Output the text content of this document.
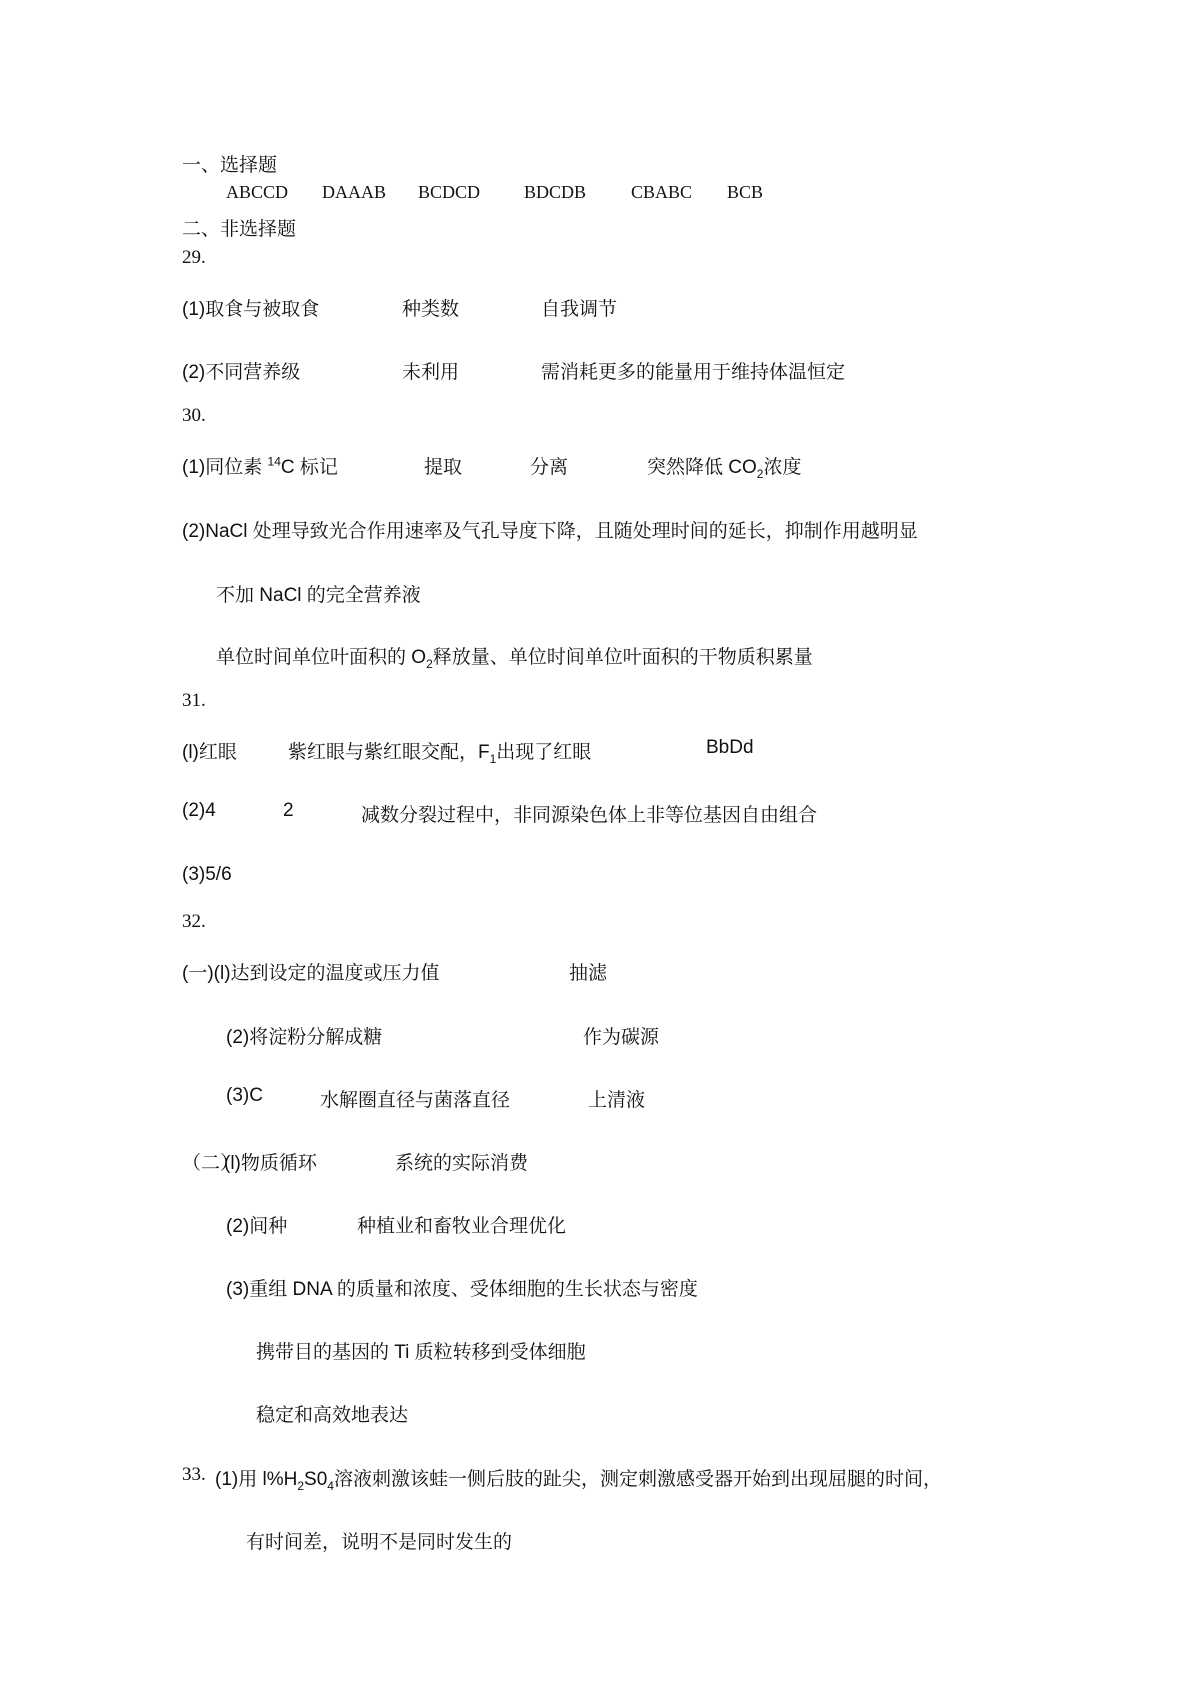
一、选择题
ABCCD DAAAB BCDCD BDCDB CBABC BCB
二、非选择题
29.
(1)取食与被取食	种类数	自我调节
(2)不同营养级	未利用	需消耗更多的能量用于维持体温恒定
30.
(1)同位素 $^{14}$C 标记	提取	分离	突然降低 $CO_2$浓度
(2)NaCl 处理导致光合作用速率及气孔导度下降，且随处理时间的延长，抑制作用越明显
不加 NaCl 的完全营养液
单位时间单位叶面积的 $O_2$释放量、单位时间单位叶面积的干物质积累量
31.
(l)红眼	紫红眼与紫红眼交配，$F_1$出现了红眼	BbDd
(2)4	2	减数分裂过程中，非同源染色体上非等位基因自由组合
(3)5/6
32.
(一)(l)达到设定的温度或压力值	抽滤
(2)将淀粉分解成糖	作为碳源
(3)C	水解圈直径与菌落直径	上清液
（二）
(l)物质循环	系统的实际消费
(2)间种	种植业和畜牧业合理优化
(3)重组 DNA 的质量和浓度、受体细胞的生长状态与密度
携带目的基因的 Ti 质粒转移到受体细胞
稳定和高效地表达
33. (1)用 $l\%H_2S0_4$溶液刺激该蛙一侧后肢的趾尖，测定刺激感受器开始到出现屈腿的时间，
有时间差，说明不是同时发生的
